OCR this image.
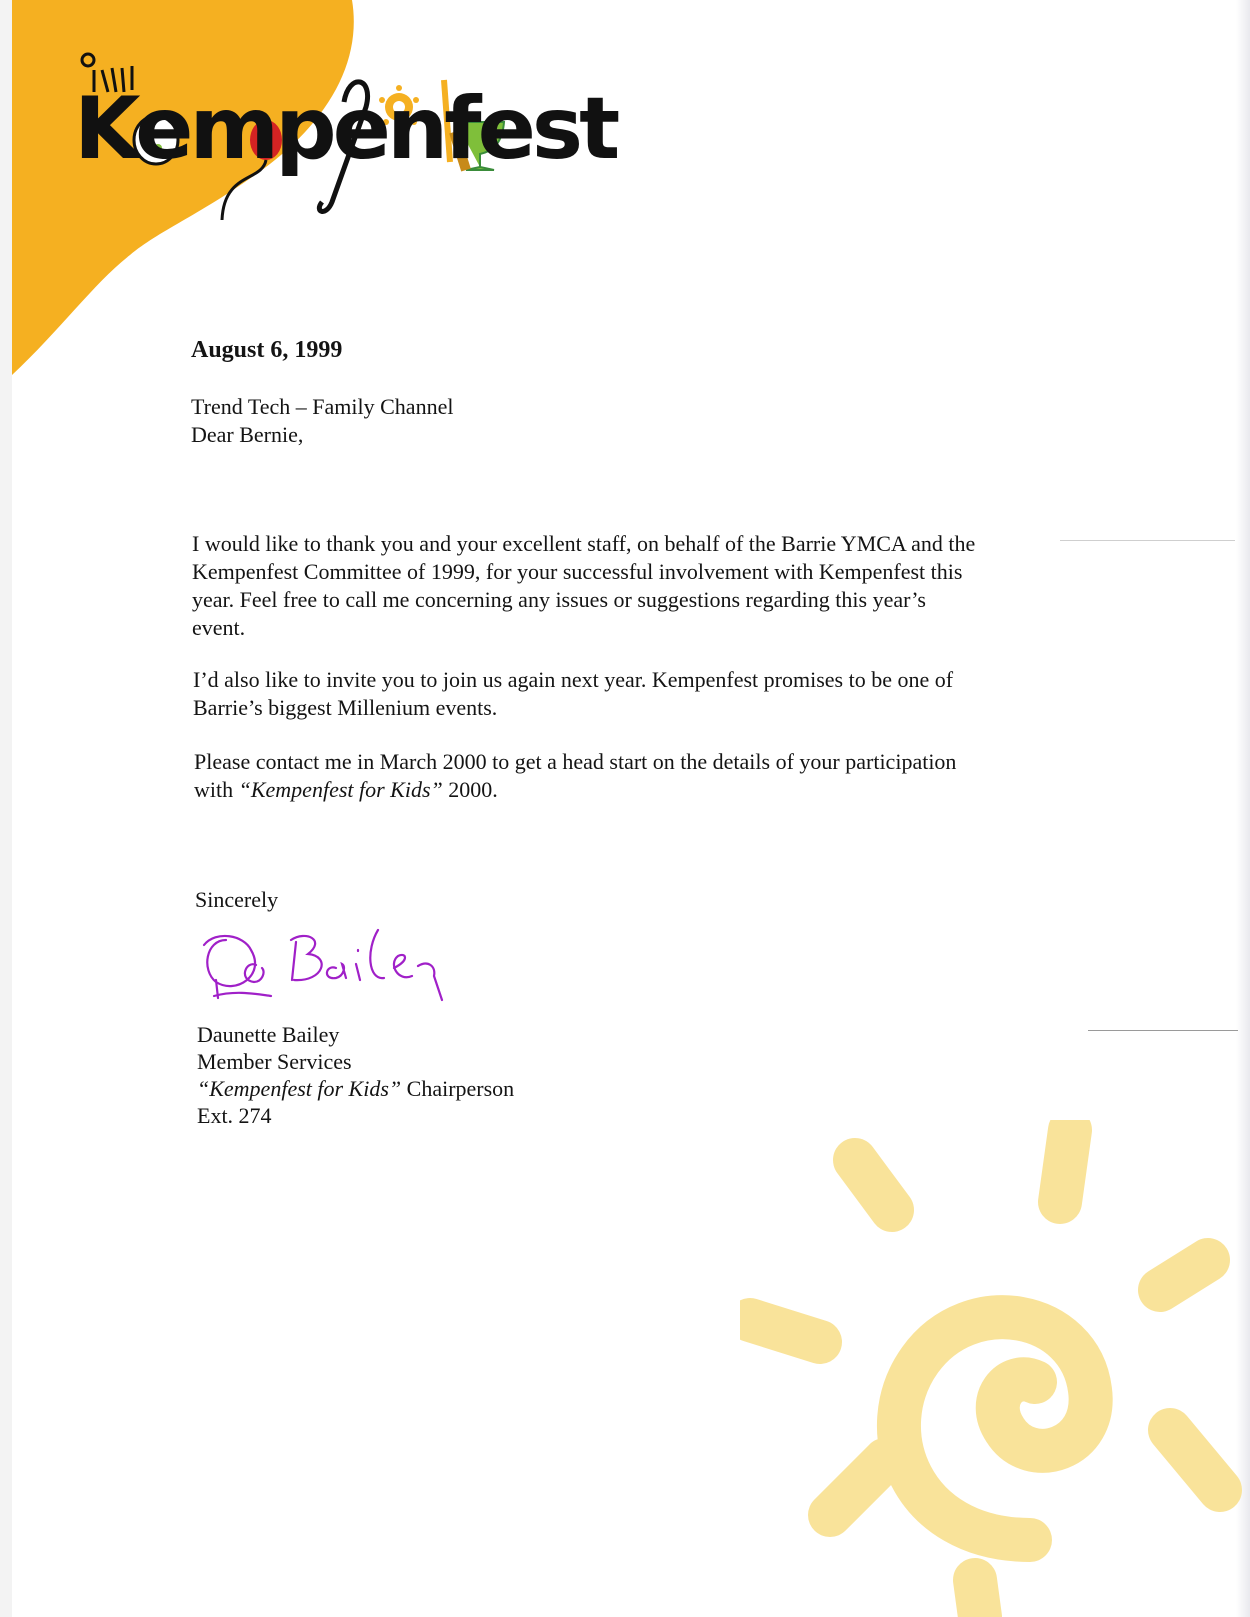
Kempenfest
August 6, 1999
Trend Tech – Family Channel
Dear Bernie,
I would like to thank you and your excellent staff, on behalf of the Barrie YMCA and the
Kempenfest Committee of 1999, for your successful involvement with Kempenfest this
year. Feel free to call me concerning any issues or suggestions regarding this year’s
event.
I’d also like to invite you to join us again next year. Kempenfest promises to be one of
Barrie’s biggest Millenium events.
Please contact me in March 2000 to get a head start on the details of your participation
with “Kempenfest for Kids” 2000.
Sincerely
Daunette Bailey
Member Services
“Kempenfest for Kids” Chairperson
Ext. 274
